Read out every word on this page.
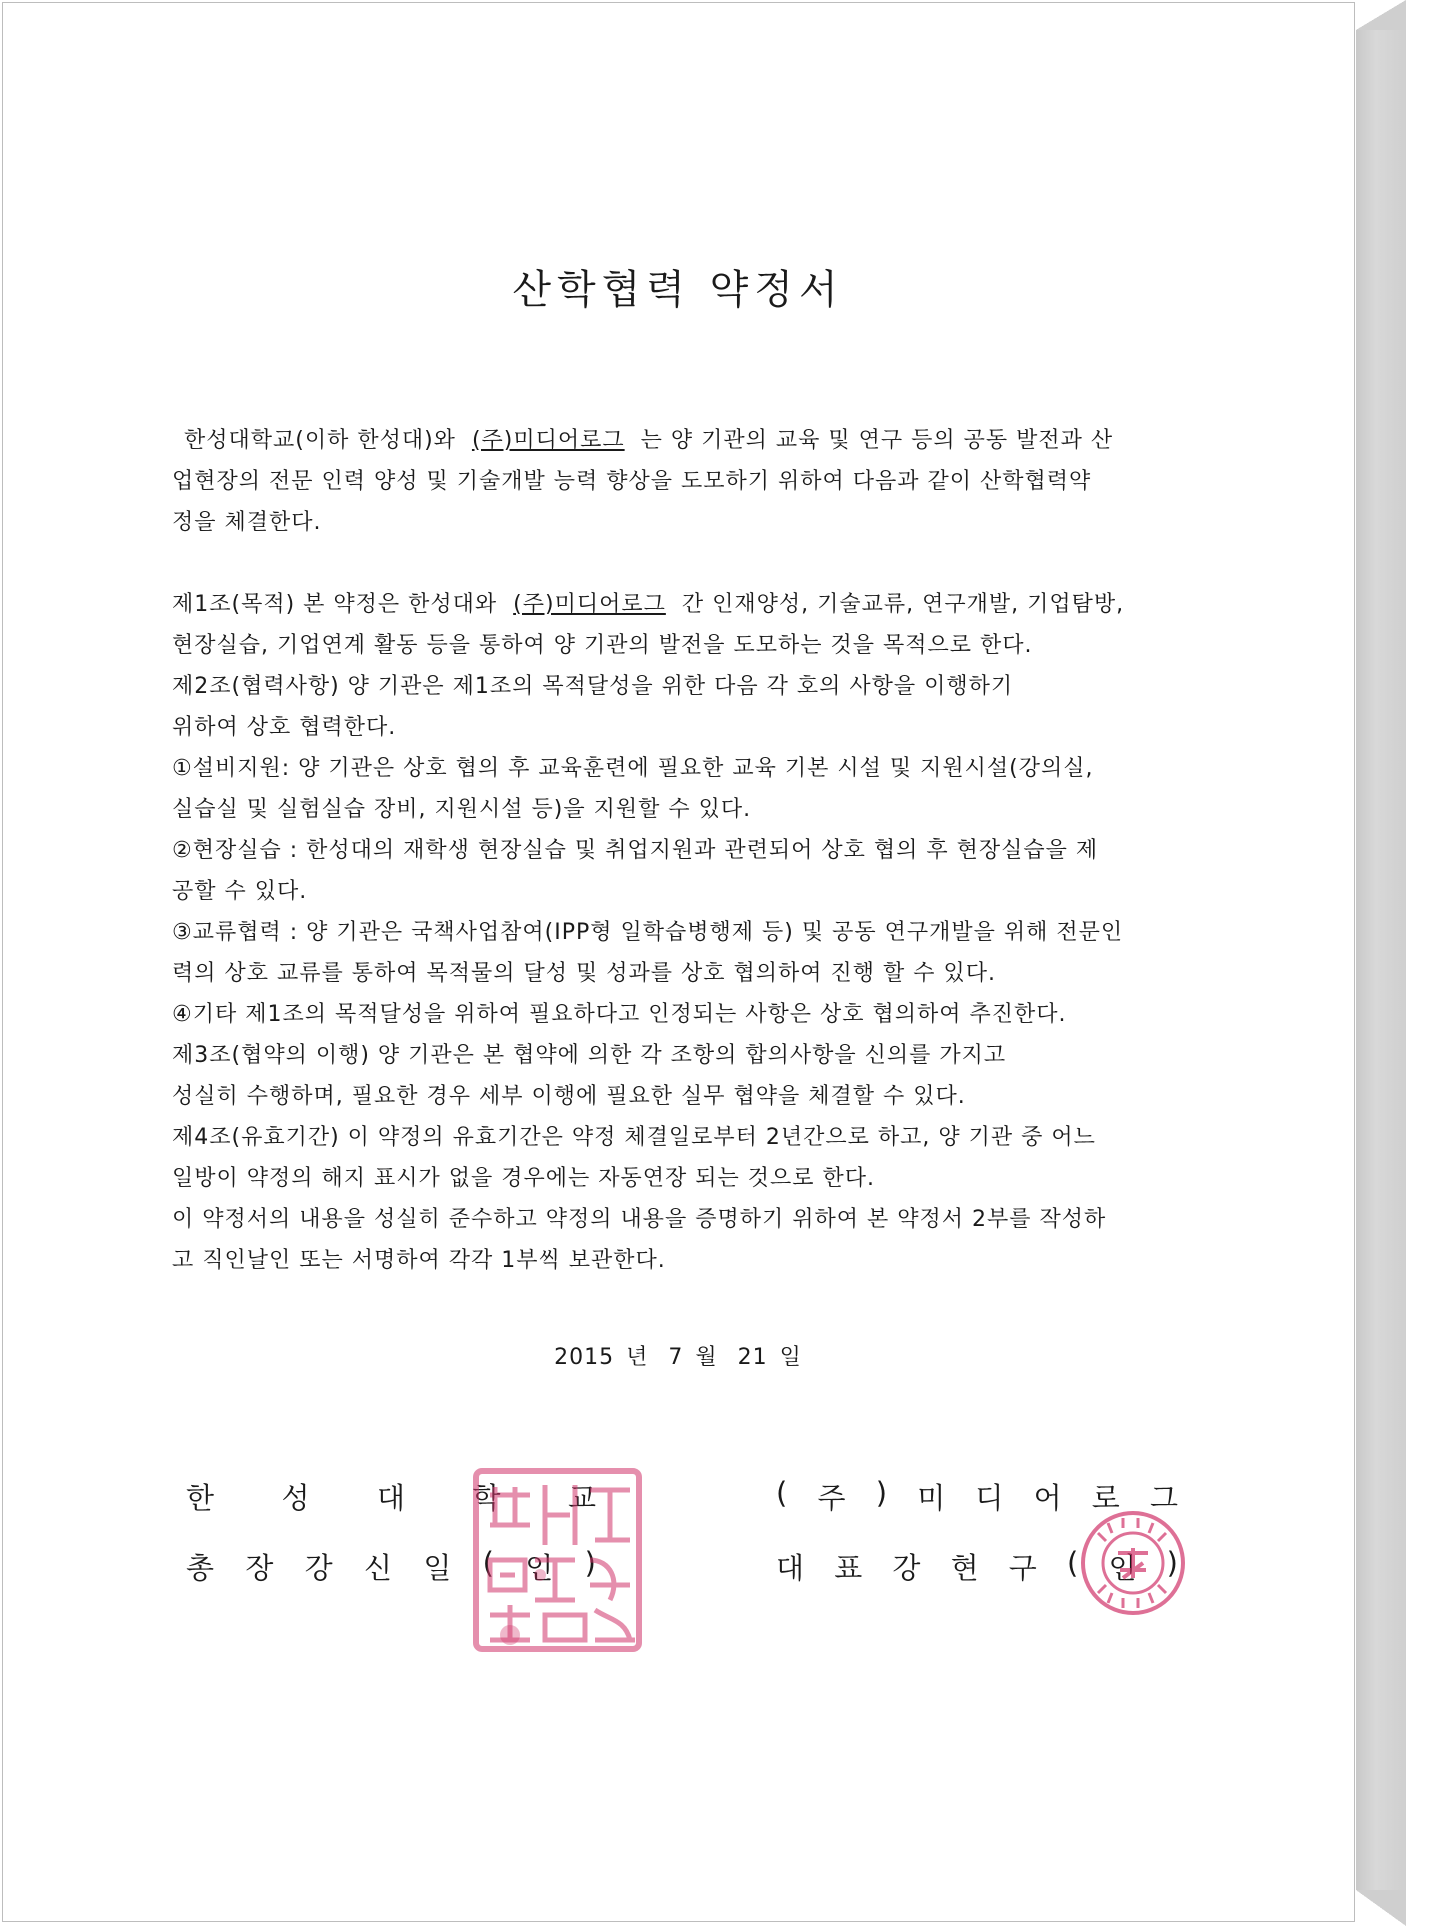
산학협력 약정서

한성대학교(이하 한성대)와 (주)미디어로그 는 양 기관의 교육 및 연구 등의 공동 발전과 산

업현장의 전문 인력 양성 및 기술개발 능력 향상을 도모하기 위하여 다음과 같이 산학협력약

정을 체결한다.

제1조(목적) 본 약정은 한성대와 (주)미디어로그 간 인재양성, 기술교류, 연구개발, 기업탐방,

현장실습, 기업연계 활동 등을 통하여 양 기관의 발전을 도모하는 것을 목적으로 한다.

제2조(협력사항) 양 기관은 제1조의 목적달성을 위한 다음 각 호의 사항을 이행하기

위하여 상호 협력한다.

①설비지원: 양 기관은 상호 협의 후 교육훈련에 필요한 교육 기본 시설 및 지원시설(강의실,

실습실 및 실험실습 장비, 지원시설 등)을 지원할 수 있다.

②현장실습 : 한성대의 재학생 현장실습 및 취업지원과 관련되어 상호 협의 후 현장실습을 제

공할 수 있다.

③교류협력 : 양 기관은 국책사업참여(IPP형 일학습병행제 등) 및 공동 연구개발을 위해 전문인

력의 상호 교류를 통하여 목적물의 달성 및 성과를 상호 협의하여 진행 할 수 있다.

④기타 제1조의 목적달성을 위하여 필요하다고 인정되는 사항은 상호 협의하여 추진한다.

제3조(협약의 이행) 양 기관은 본 협약에 의한 각 조항의 합의사항을 신의를 가지고

성실히 수행하며, 필요한 경우 세부 이행에 필요한 실무 협약을 체결할 수 있다.

제4조(유효기간) 이 약정의 유효기간은 약정 체결일로부터 2년간으로 하고, 양 기관 중 어느

일방이 약정의 해지 표시가 없을 경우에는 자동연장 되는 것으로 한다.

이 약정서의 내용을 성실히 준수하고 약정의 내용을 증명하기 위하여 본 약정서 2부를 작성하

고 직인날인 또는 서명하여 각각 1부씩 보관한다.

2015 년 7 월 21 일
한 성 대 학 교
총 장 강 신 일 ( 인 )
( 주 ) 미 디 어 로 그
대 표 강 현 구 ( 인 )
